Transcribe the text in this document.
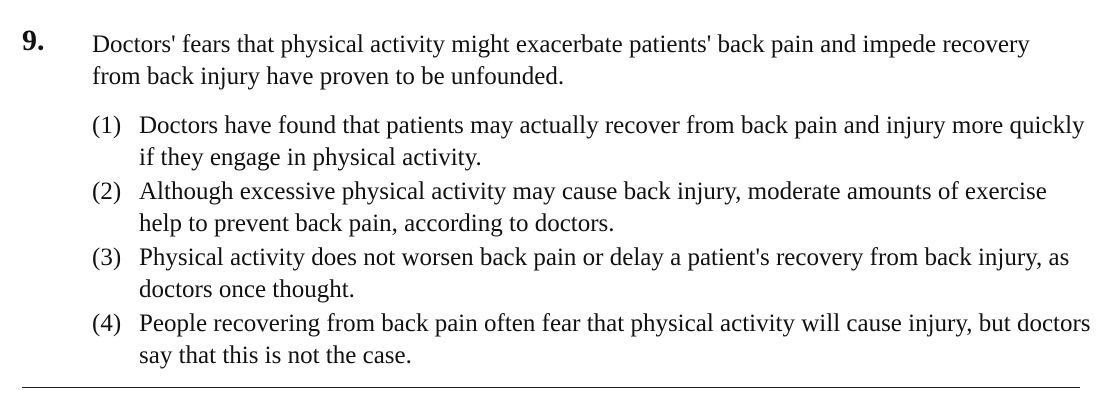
9. Doctors' fears that physical activity might exacerbate patients' back pain and impede recovery from back injury have proven to be unfounded.
(1) Doctors have found that patients may actually recover from back pain and injury more quickly if they engage in physical activity.
(2) Although excessive physical activity may cause back injury, moderate amounts of exercise help to prevent back pain, according to doctors.
(3) Physical activity does not worsen back pain or delay a patient's recovery from back injury, as doctors once thought.
(4) People recovering from back pain often fear that physical activity will cause injury, but doctors say that this is not the case.
